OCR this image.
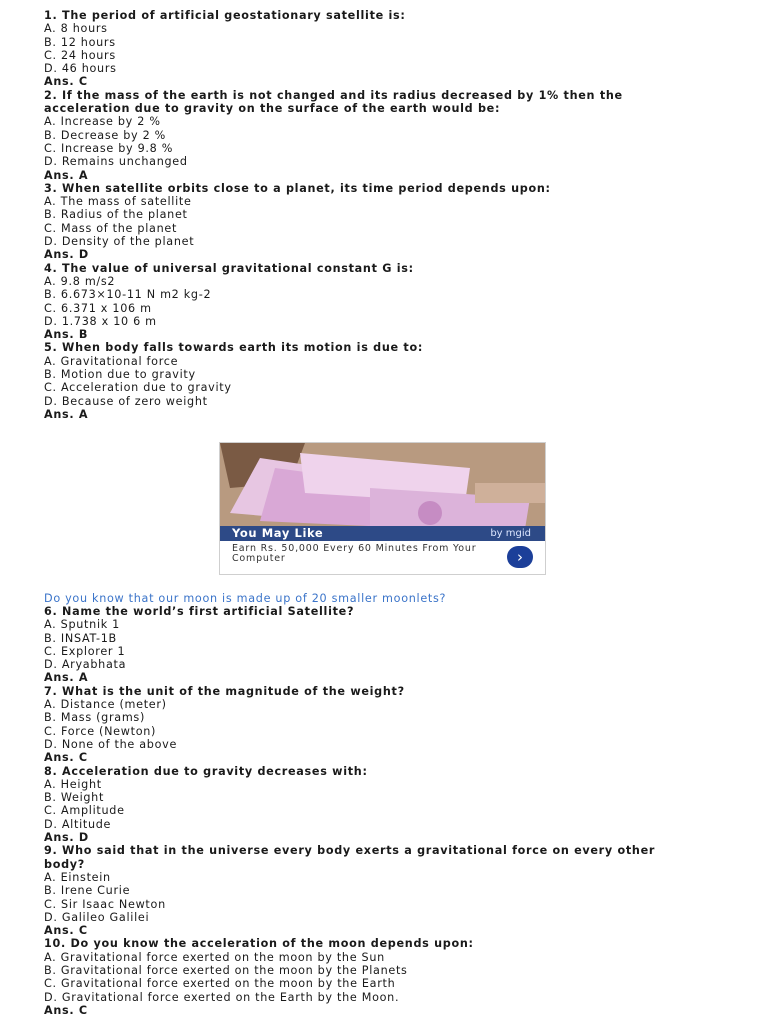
1. The period of artificial geostationary satellite is:
A. 8 hours
B. 12 hours
C. 24 hours
D. 46 hours
Ans. C
2. If the mass of the earth is not changed and its radius decreased by 1% then the
acceleration due to gravity on the surface of the earth would be:
A. Increase by 2 %
B. Decrease by 2 %
C. Increase by 9.8 %
D. Remains unchanged
Ans. A
3. When satellite orbits close to a planet, its time period depends upon:
A. The mass of satellite
B. Radius of the planet
C. Mass of the planet
D. Density of the planet
Ans. D
4. The value of universal gravitational constant G is:
A. 9.8 m/s2
B. 6.673×10-11 N m2 kg-2
C. 6.371 x 106 m
D. 1.738 x 10 6 m
Ans. B
5. When body falls towards earth its motion is due to:
A. Gravitational force
B. Motion due to gravity
C. Acceleration due to gravity
D. Because of zero weight
Ans. A
You May Like	by mgid
Earn Rs. 50,000 Every 60 Minutes From Your Computer	›
Do you know that our moon is made up of 20 smaller moonlets?
6. Name the world’s first artificial Satellite?
A. Sputnik 1
B. INSAT-1B
C. Explorer 1
D. Aryabhata
Ans. A
7. What is the unit of the magnitude of the weight?
A. Distance (meter)
B. Mass (grams)
C. Force (Newton)
D. None of the above
Ans. C
8. Acceleration due to gravity decreases with:
A. Height
B. Weight
C. Amplitude
D. Altitude
Ans. D
9. Who said that in the universe every body exerts a gravitational force on every other
body?
A. Einstein
B. Irene Curie
C. Sir Isaac Newton
D. Galileo Galilei
Ans. C
10. Do you know the acceleration of the moon depends upon:
A. Gravitational force exerted on the moon by the Sun
B. Gravitational force exerted on the moon by the Planets
C. Gravitational force exerted on the moon by the Earth
D. Gravitational force exerted on the Earth by the Moon.
Ans. C
